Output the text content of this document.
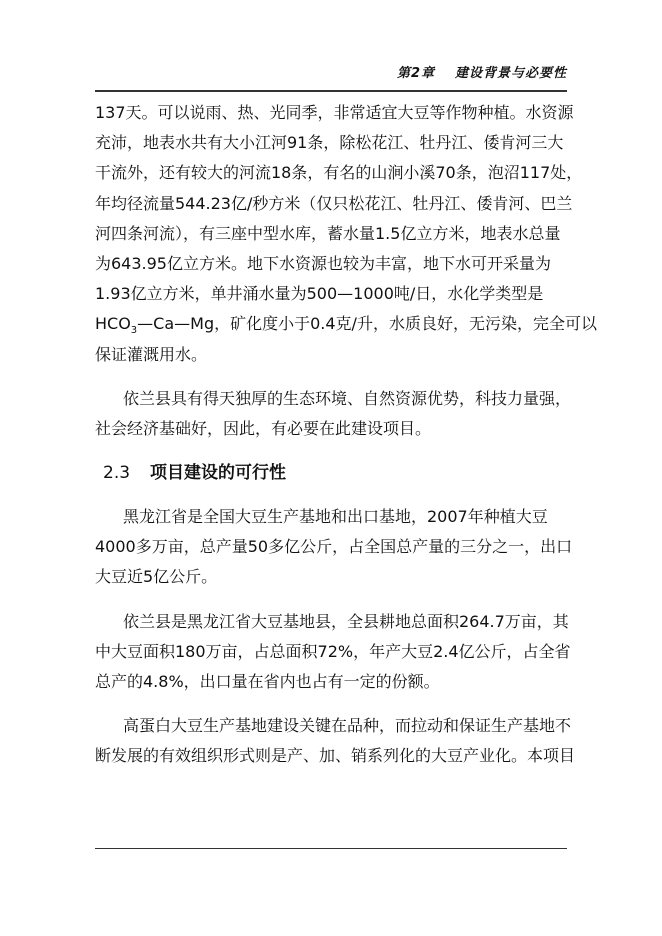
第2章 建设背景与必要性
137天。可以说雨、热、光同季，非常适宜大豆等作物种植。水资源
充沛，地表水共有大小江河91条，除松花江、牡丹江、倭肯河三大
干流外，还有较大的河流18条，有名的山涧小溪70条，泡沼117处，
年均径流量544.23亿/秒方米（仅只松花江、牡丹江、倭肯河、巴兰
河四条河流），有三座中型水库，蓄水量1.5亿立方米，地表水总量
为643.95亿立方米。地下水资源也较为丰富，地下水可开采量为
1.93亿立方米，单井涌水量为500—1000吨/日，水化学类型是
$HCO_3—Ca—Mg$，矿化度小于0.4克/升，水质良好，无污染，完全可以
保证灌溉用水。
依兰县具有得天独厚的生态环境、自然资源优势，科技力量强，
社会经济基础好，因此，有必要在此建设项目。
2.3 项目建设的可行性
黑龙江省是全国大豆生产基地和出口基地，2007年种植大豆
4000多万亩，总产量50多亿公斤，占全国总产量的三分之一，出口
大豆近5亿公斤。
依兰县是黑龙江省大豆基地县，全县耕地总面积264.7万亩，其
中大豆面积180万亩，占总面积72%，年产大豆2.4亿公斤，占全省
总产的4.8%，出口量在省内也占有一定的份额。
高蛋白大豆生产基地建设关键在品种，而拉动和保证生产基地不
断发展的有效组织形式则是产、加、销系列化的大豆产业化。本项目
